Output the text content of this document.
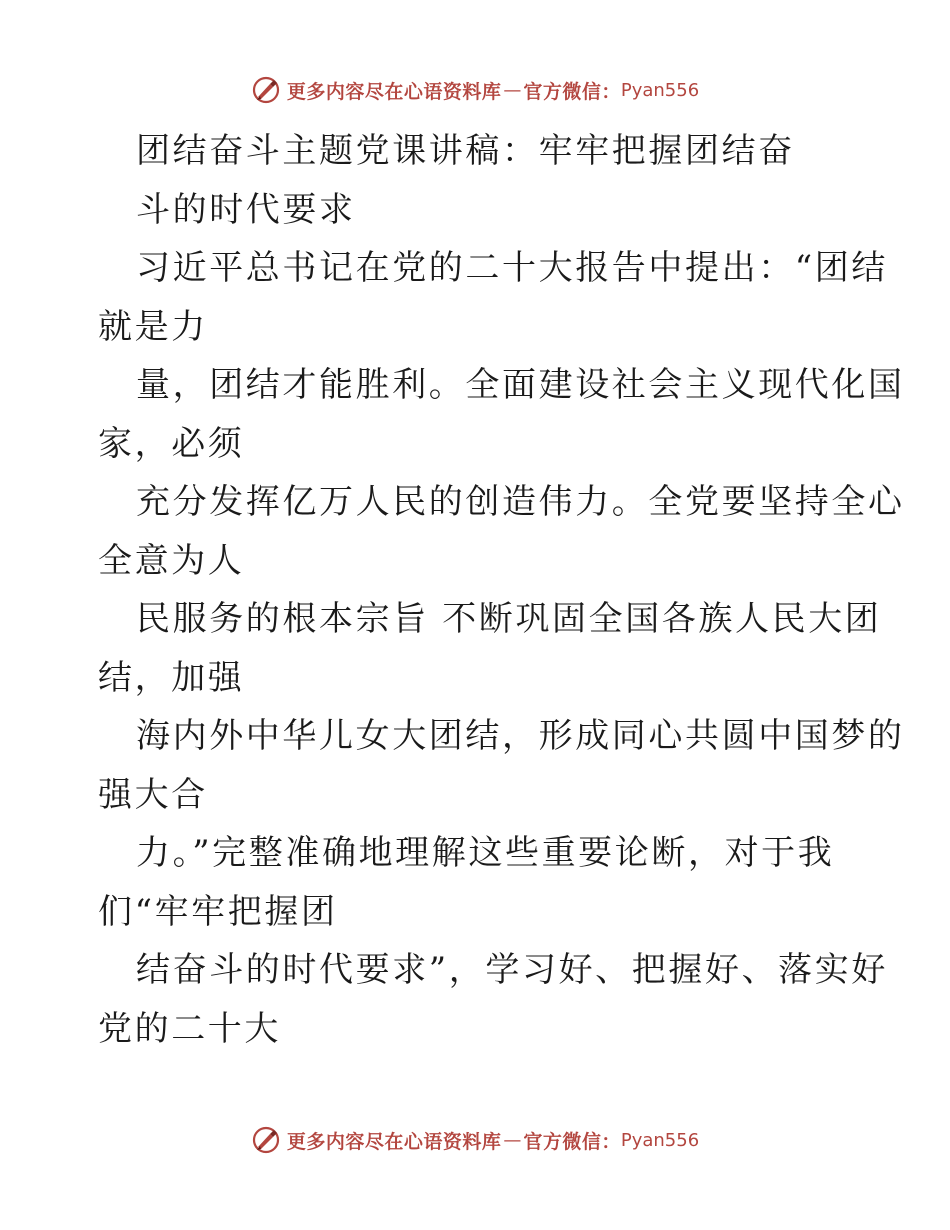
更多内容尽在心语资料库 — 官方微信： Pyan556
团结奋斗主题党课讲稿：牢牢把握团结奋
斗的时代要求
习近平总书记在党的二十大报告中提出：“团结
就是力
量，团结才能胜利。全面建设社会主义现代化国
家，必须
充分发挥亿万人民的创造伟力。全党要坚持全心
全意为人
民服务的根本宗旨 不断巩固全国各族人民大团
结，加强
海内外中华儿女大团结，形成同心共圆中国梦的
强大合
力。”完整准确地理解这些重要论断，对于我
们“牢牢把握团
结奋斗的时代要求”，学习好、把握好、落实好
党的二十大
更多内容尽在心语资料库 — 官方微信： Pyan556
